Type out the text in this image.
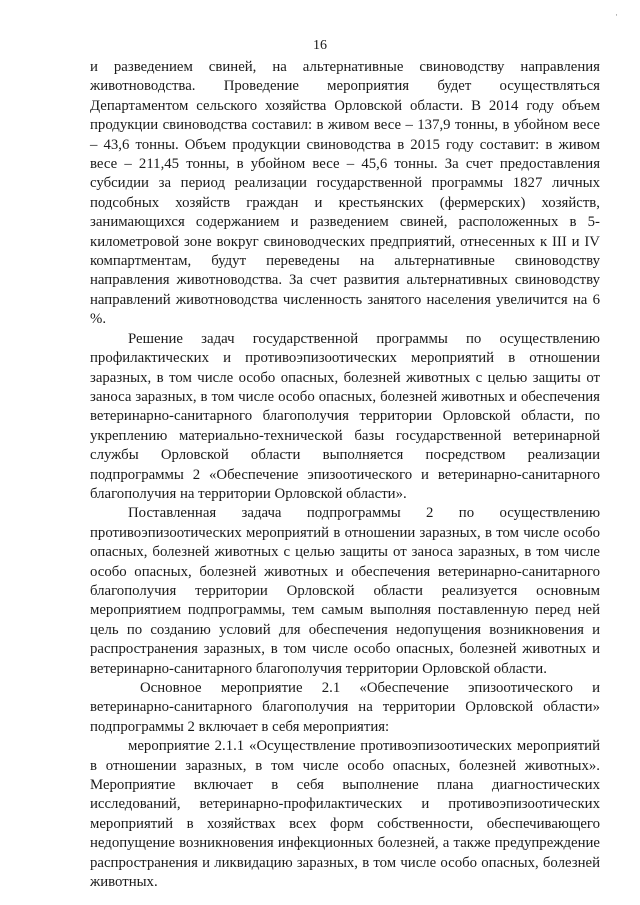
·
16

и разведением свиней, на альтернативные свиноводству направления животноводства. Проведение мероприятия будет осуществляться Департаментом сельского хозяйства Орловской области. В 2014 году объем продукции свиноводства составил: в живом весе – 137,9 тонны, в убойном весе – 43,6 тонны. Объем продукции свиноводства в 2015 году составит: в живом весе – 211,45 тонны, в убойном весе – 45,6 тонны. За счет предоставления субсидии за период реализации государственной программы 1827 личных подсобных хозяйств граждан и крестьянских (фермерских) хозяйств, занимающихся содержанием и разведением свиней, расположенных в 5-километровой зоне вокруг свиноводческих предприятий, отнесенных к III и IV компартментам, будут переведены на альтернативные свиноводству направления животноводства. За счет развития альтернативных свиноводству направлений животноводства численность занятого населения увеличится на 6 %.

Решение задач государственной программы по осуществлению профилактических и противоэпизоотических мероприятий в отношении заразных, в том числе особо опасных, болезней животных с целью защиты от заноса заразных, в том числе особо опасных, болезней животных и обеспечения ветеринарно-санитарного благополучия территории Орловской области, по укреплению материально-технической базы государственной ветеринарной службы Орловской области выполняется посредством реализации подпрограммы 2 «Обеспечение эпизоотического и ветеринарно-санитарного благополучия на территории Орловской области».

Поставленная задача подпрограммы 2 по осуществлению противоэпизоотических мероприятий в отношении заразных, в том числе особо опасных, болезней животных с целью защиты от заноса заразных, в том числе особо опасных, болезней животных и обеспечения ветеринарно-санитарного благополучия территории Орловской области реализуется основным мероприятием подпрограммы, тем самым выполняя поставленную перед ней цель по созданию условий для обеспечения недопущения возникновения и распространения заразных, в том числе особо опасных, болезней животных и ветеринарно-санитарного благополучия территории Орловской области.

Основное мероприятие 2.1 «Обеспечение эпизоотического и ветеринарно-санитарного благополучия на территории Орловской области» подпрограммы 2 включает в себя мероприятия:

мероприятие 2.1.1 «Осуществление противоэпизоотических мероприятий в отношении заразных, в том числе особо опасных, болезней животных». Мероприятие включает в себя выполнение плана диагностических исследований, ветеринарно-профилактических и противоэпизоотических мероприятий в хозяйствах всех форм собственности, обеспечивающего недопущение возникновения инфекционных болезней, а также предупреждение распространения и ликвидацию заразных, в том числе особо опасных, болезней животных.
